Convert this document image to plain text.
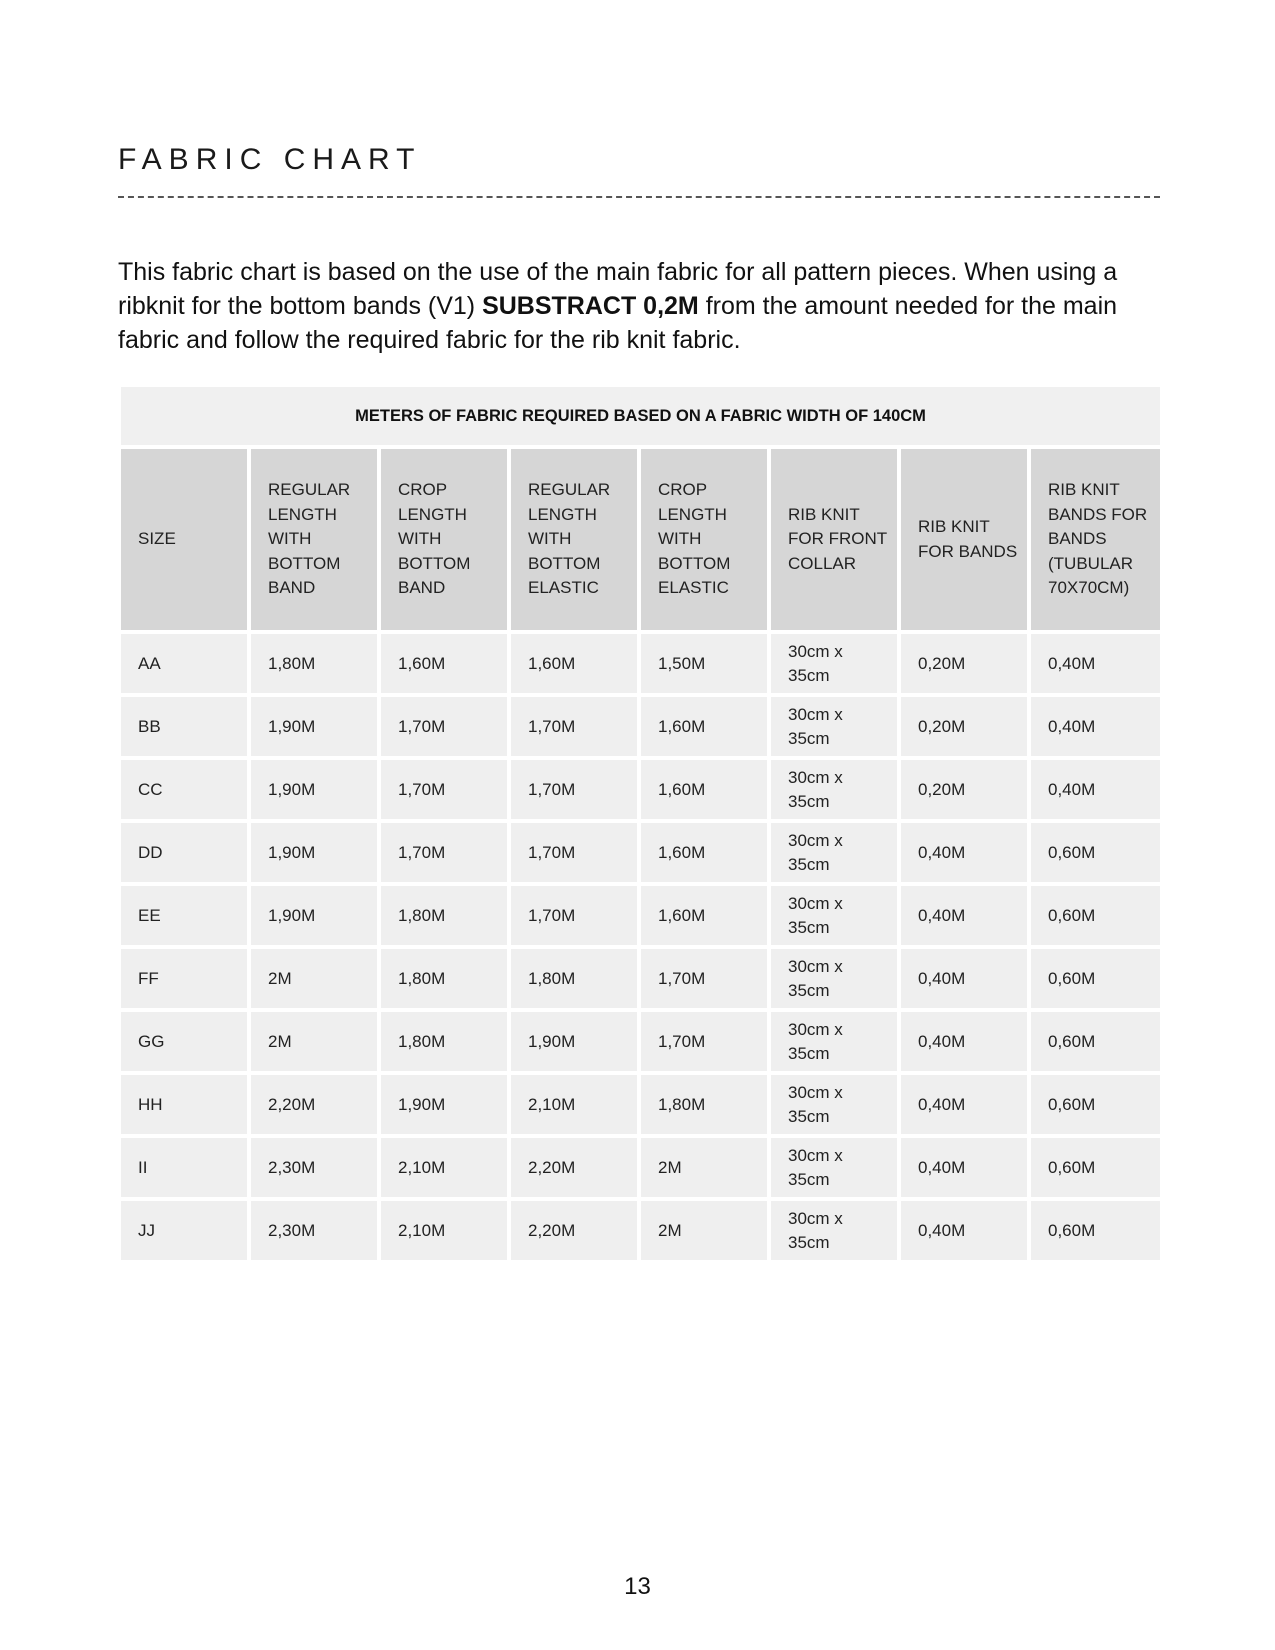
FABRIC CHART

This fabric chart is based on the use of the main fabric for all pattern pieces. When using a ribknit for the bottom bands (V1) SUBSTRACT 0,2M from the amount needed for the main fabric and follow the required fabric for the rib knit fabric.

METERS OF FABRIC REQUIRED BASED ON A FABRIC WIDTH OF 140CM							
SIZE	REGULAR LENGTH WITH BOTTOM BAND	CROP LENGTH WITH BOTTOM BAND	REGULAR LENGTH WITH BOTTOM ELASTIC	CROP LENGTH WITH BOTTOM ELASTIC	RIB KNIT FOR FRONT COLLAR	RIB KNIT FOR BANDS	RIB KNIT BANDS FOR BANDS (TUBULAR 70X70CM)
AA	1,80M	1,60M	1,60M	1,50M	30cm x 35cm	0,20M	0,40M
BB	1,90M	1,70M	1,70M	1,60M	30cm x 35cm	0,20M	0,40M
CC	1,90M	1,70M	1,70M	1,60M	30cm x 35cm	0,20M	0,40M
DD	1,90M	1,70M	1,70M	1,60M	30cm x 35cm	0,40M	0,60M
EE	1,90M	1,80M	1,70M	1,60M	30cm x 35cm	0,40M	0,60M
FF	2M	1,80M	1,80M	1,70M	30cm x 35cm	0,40M	0,60M
GG	2M	1,80M	1,90M	1,70M	30cm x 35cm	0,40M	0,60M
HH	2,20M	1,90M	2,10M	1,80M	30cm x 35cm	0,40M	0,60M
II	2,30M	2,10M	2,20M	2M	30cm x 35cm	0,40M	0,60M
JJ	2,30M	2,10M	2,20M	2M	30cm x 35cm	0,40M	0,60M
13
